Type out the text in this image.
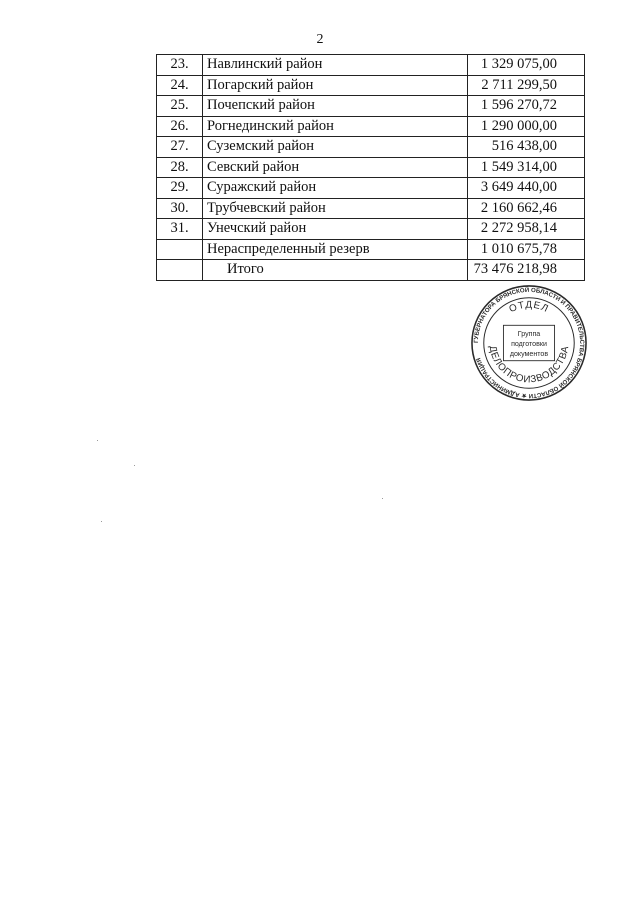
2
23.	Навлинский район	1 329 075,00
24.	Погарский район	2 711 299,50
25.	Почепский район	1 596 270,72
26.	Рогнединский район	1 290 000,00
27.	Суземский район	516 438,00
28.	Севский район	1 549 314,00
29.	Суражский район	3 649 440,00
30.	Трубчевский район	2 160 662,46
31.	Унечский район	2 272 958,14
	Нераспределенный резерв	1 010 675,78
	Итого	73 476 218,98
ГУБЕРНАТОРА БРЯНСКОЙ ОБЛАСТИ И ПРАВИТЕЛЬСТВА БРЯНСКОЙ ОБЛАСТИ ★ АДМИНИСТРАЦИЯ
ОТДЕЛ
ДЕЛОПРОИЗВОДСТВА
Группа
подготовки
документов
